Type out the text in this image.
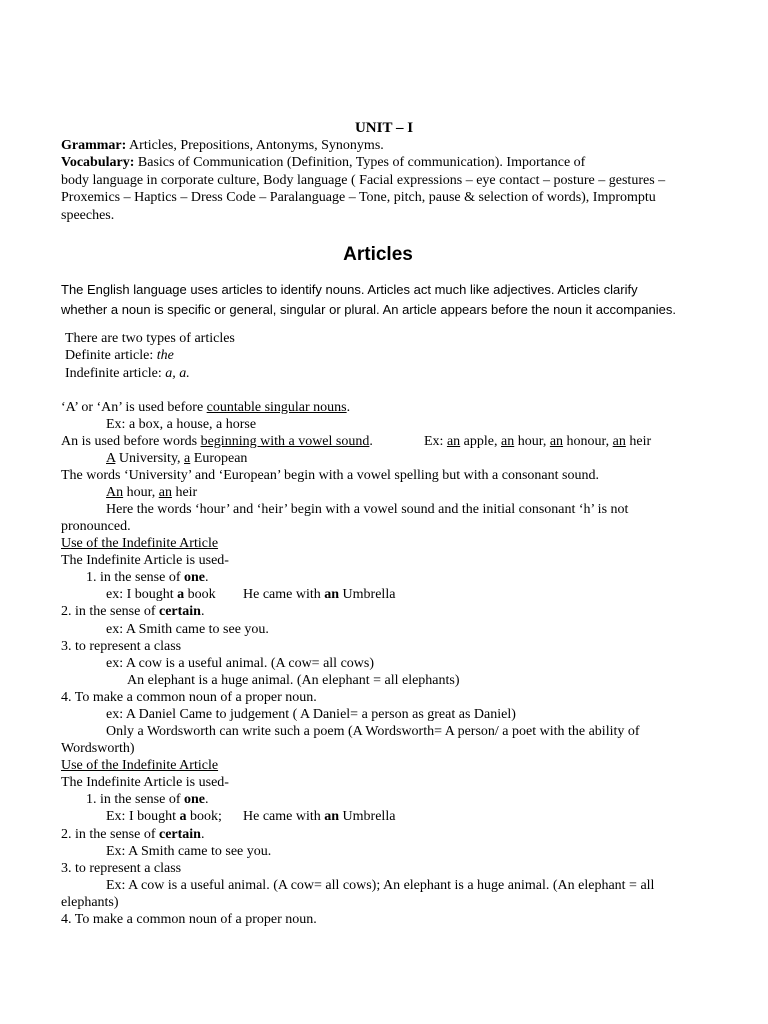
UNIT – I
Grammar: Articles, Prepositions, Antonyms, Synonyms.
Vocabulary: Basics of Communication (Definition, Types of communication). Importance of
body language in corporate culture, Body language ( Facial expressions – eye contact – posture – gestures –
Proxemics – Haptics – Dress Code – Paralanguage – Tone, pitch, pause & selection of words), Impromptu
speeches.
Articles
The English language uses articles to identify nouns. Articles act much like adjectives. Articles clarify
whether a noun is specific or general, singular or plural. An article appears before the noun it accompanies.
There are two types of articles
Definite article: the
Indefinite article: a, a.
‘A’ or ‘An’ is used before countable singular nouns.
Ex: a box, a house, a horse
An is used before words beginning with a vowel sound.	Ex: an apple, an hour, an honour, an heir
A University, a European
The words ‘University’ and ‘European’ begin with a vowel spelling but with a consonant sound.
An hour, an heir
Here the words ‘hour’ and ‘heir’ begin with a vowel sound and the initial consonant ‘h’ is not
pronounced.
Use of the Indefinite Article
The Indefinite Article is used-
1. in the sense of one.
ex: I bought a book He came with an Umbrella
2. in the sense of certain.
ex: A Smith came to see you.
3. to represent a class
ex: A cow is a useful animal. (A cow= all cows)
An elephant is a huge animal. (An elephant = all elephants)
4. To make a common noun of a proper noun.
ex: A Daniel Came to judgement ( A Daniel= a person as great as Daniel)
Only a Wordsworth can write such a poem (A Wordsworth= A person/ a poet with the ability of
Wordsworth)
Use of the Indefinite Article
The Indefinite Article is used-
1. in the sense of one.
Ex: I bought a book; He came with an Umbrella
2. in the sense of certain.
Ex: A Smith came to see you.
3. to represent a class
Ex: A cow is a useful animal. (A cow= all cows); An elephant is a huge animal. (An elephant = all
elephants)
4. To make a common noun of a proper noun.
